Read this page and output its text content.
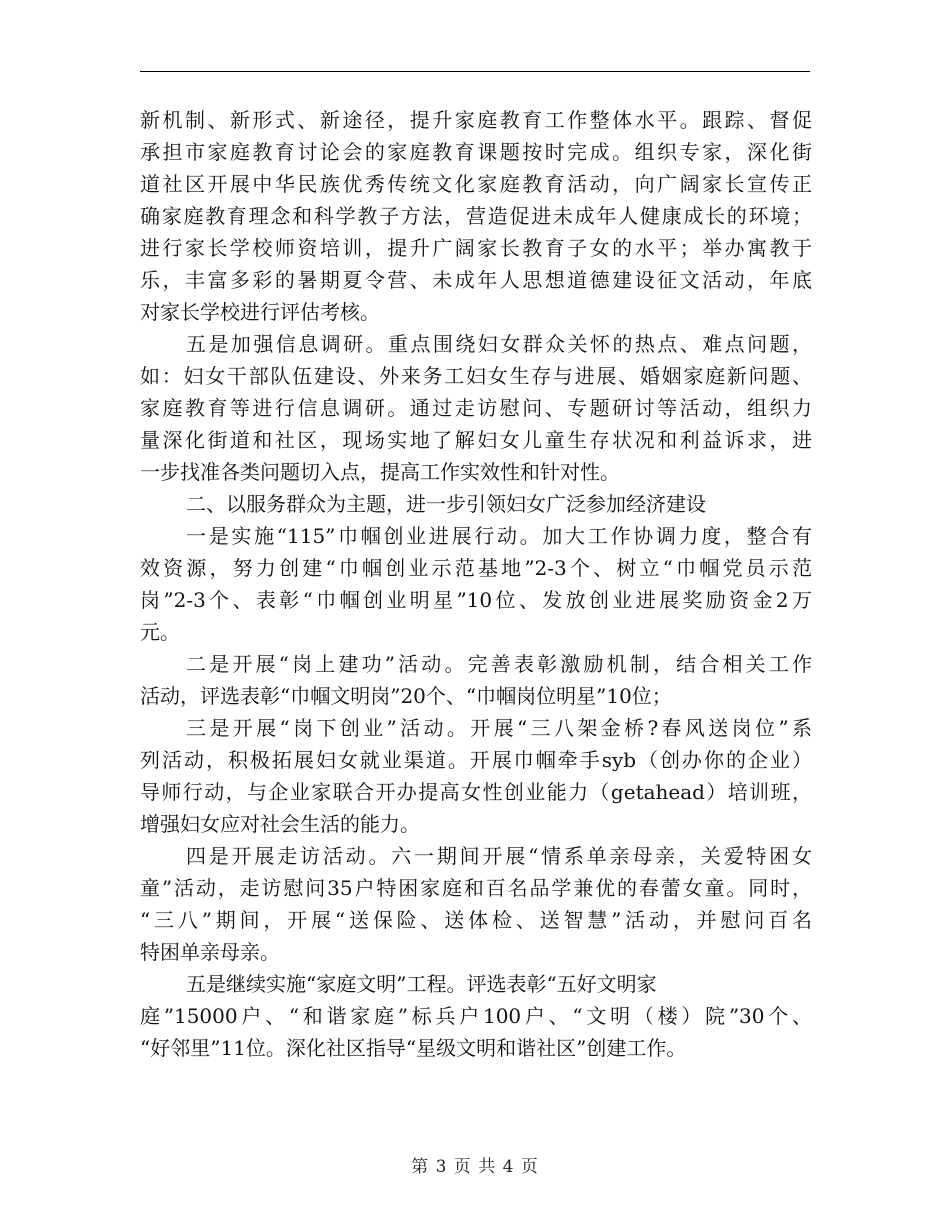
新机制、新形式、新途径，提升家庭教育工作整体水平。跟踪、督促
承担市家庭教育讨论会的家庭教育课题按时完成。组织专家，深化街
道社区开展中华民族优秀传统文化家庭教育活动，向广阔家长宣传正
确家庭教育理念和科学教子方法，营造促进未成年人健康成长的环境；
进行家长学校师资培训，提升广阔家长教育子女的水平；举办寓教于
乐，丰富多彩的暑期夏令营、未成年人思想道德建设征文活动，年底
对家长学校进行评估考核。
五是加强信息调研。重点围绕妇女群众关怀的热点、难点问题，
如：妇女干部队伍建设、外来务工妇女生存与进展、婚姻家庭新问题、
家庭教育等进行信息调研。通过走访慰问、专题研讨等活动，组织力
量深化街道和社区，现场实地了解妇女儿童生存状况和利益诉求，进
一步找准各类问题切入点，提高工作实效性和针对性。
二、以服务群众为主题，进一步引领妇女广泛参加经济建设
一是实施“115”巾帼创业进展行动。加大工作协调力度，整合有
效资源，努力创建“巾帼创业示范基地”2-3个、树立“巾帼党员示范
岗”2-3个、表彰“巾帼创业明星”10位、发放创业进展奖励资金2万
元。
二是开展“岗上建功”活动。完善表彰激励机制，结合相关工作
活动，评选表彰“巾帼文明岗”20个、“巾帼岗位明星”10位；
三是开展“岗下创业”活动。开展“三八架金桥?春风送岗位”系
列活动，积极拓展妇女就业渠道。开展巾帼牵手syb（创办你的企业）
导师行动，与企业家联合开办提高女性创业能力（getahead）培训班，
增强妇女应对社会生活的能力。
四是开展走访活动。六一期间开展“情系单亲母亲，关爱特困女
童”活动，走访慰问35户特困家庭和百名品学兼优的春蕾女童。同时，
“三八”期间，开展“送保险、送体检、送智慧”活动，并慰问百名
特困单亲母亲。
五是继续实施“家庭文明”工程。评选表彰“五好文明家
庭”15000户、“和谐家庭”标兵户100户、“文明（楼）院”30个、
“好邻里”11位。深化社区指导“星级文明和谐社区”创建工作。
第 3 页 共 4 页
